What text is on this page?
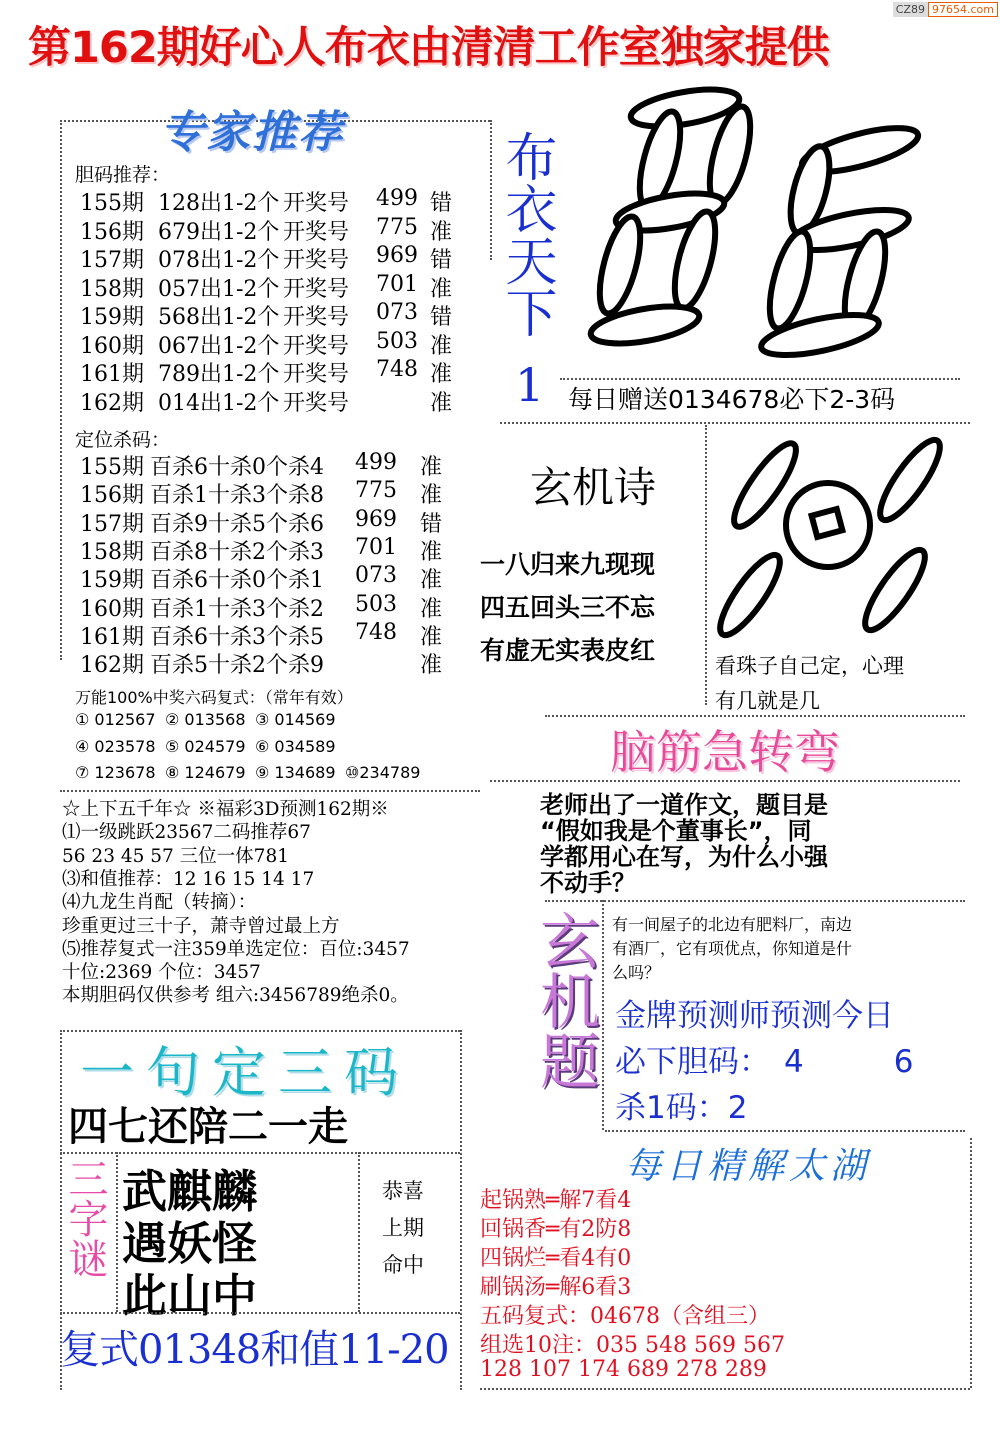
CZ89 97654.com
第162期好心人布衣由清清工作室独家提供
专家推荐
胆码推荐：
155期 128出1-2个 开奖号 499 错
156期 679出1-2个 开奖号 775 准
157期 078出1-2个 开奖号 969 错
158期 057出1-2个 开奖号 701 准
159期 568出1-2个 开奖号 073 错
160期 067出1-2个 开奖号 503 准
161期 789出1-2个 开奖号 748 准
162期 014出1-2个 开奖号	准
定位杀码：
155期 百杀6十杀0个杀4 499 准
156期 百杀1十杀3个杀8 775 准
157期 百杀9十杀5个杀6 969 错
158期 百杀8十杀2个杀3 701 准
159期 百杀6十杀0个杀1 073 准
160期 百杀1十杀3个杀2 503 准
161期 百杀6十杀3个杀5 748 准
162期 百杀5十杀2个杀9	准
万能100%中奖六码复式：（常年有效）
① 012567 ② 013568 ③ 014569
④ 023578 ⑤ 024579 ⑥ 034589
⑦ 123678 ⑧ 124679 ⑨ 134689 ⑩234789
☆上下五千年☆ ※福彩3D预测162期※
⑴一级跳跃23567二码推荐67
56 23 45 57 三位一体781
⑶和值推荐：12 16 15 14 17
⑷九龙生肖配（转摘）：
珍重更过三十子，萧寺曾过最上方
⑸推荐复式一注359单选定位：百位:3457
十位:2369 个位：3457
本期胆码仅供参考 组六:3456789绝杀0。
一句定三码
四七还陪二一走
三字谜 武麒麟
遇妖怪
此山中
恭喜
上期
命中
复式01348和值11-20
布衣天下
1 每日赠送0134678必下2-3码
玄机诗
一八归来九现现
四五回头三不忘
有虚无实表皮红
看珠子自己定，心理
有几就是几
脑筋急转弯
老师出了一道作文，题目是
“假如我是个董事长”，同
学都用心在写，为什么小强
不动手？
玄机题 有一间屋子的北边有肥料厂，南边
有酒厂，它有项优点，你知道是什
么吗？
金牌预测师预测今日
必下胆码： 4	6
杀1码：2
每日精解太湖
起锅熟═解7看4
回锅香═有2防8
四锅烂═看4有0
刷锅汤═解6看3
五码复式：04678（含组三）
组选10注：035 548 569 567
128 107 174 689 278 289
